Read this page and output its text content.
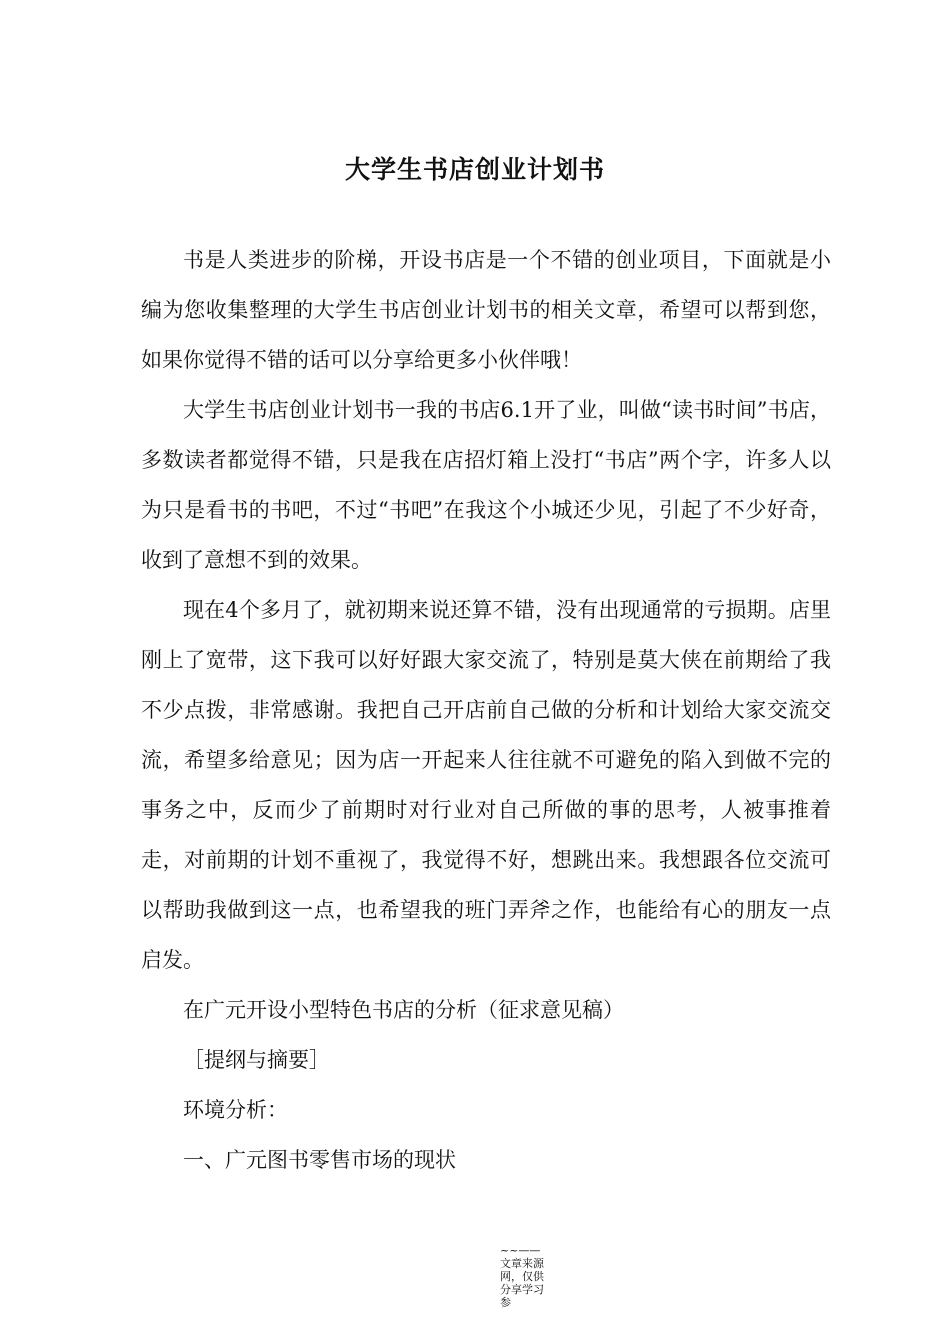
大学生书店创业计划书

书是人类进步的阶梯，开设书店是一个不错的创业项目，下面就是小编为您收集整理的大学生书店创业计划书的相关文章，希望可以帮到您，如果你觉得不错的话可以分享给更多小伙伴哦！

大学生书店创业计划书一我的书店6.1开了业，叫做“读书时间”书店，多数读者都觉得不错，只是我在店招灯箱上没打“书店”两个字，许多人以为只是看书的书吧，不过“书吧”在我这个小城还少见，引起了不少好奇，收到了意想不到的效果。

现在4个多月了，就初期来说还算不错，没有出现通常的亏损期。店里刚上了宽带，这下我可以好好跟大家交流了，特别是莫大侠在前期给了我不少点拨，非常感谢。我把自己开店前自己做的分析和计划给大家交流交流，希望多给意见；因为店一开起来人往往就不可避免的陷入到做不完的事务之中，反而少了前期时对行业对自己所做的事的思考，人被事推着走，对前期的计划不重视了，我觉得不好，想跳出来。我想跟各位交流可以帮助我做到这一点，也希望我的班门弄斧之作，也能给有心的朋友一点启发。

在广元开设小型特色书店的分析（征求意见稿）

［提纲与摘要］

环境分析：

一、广元图书零售市场的现状

~~——文章来源网，仅供分享学习参
